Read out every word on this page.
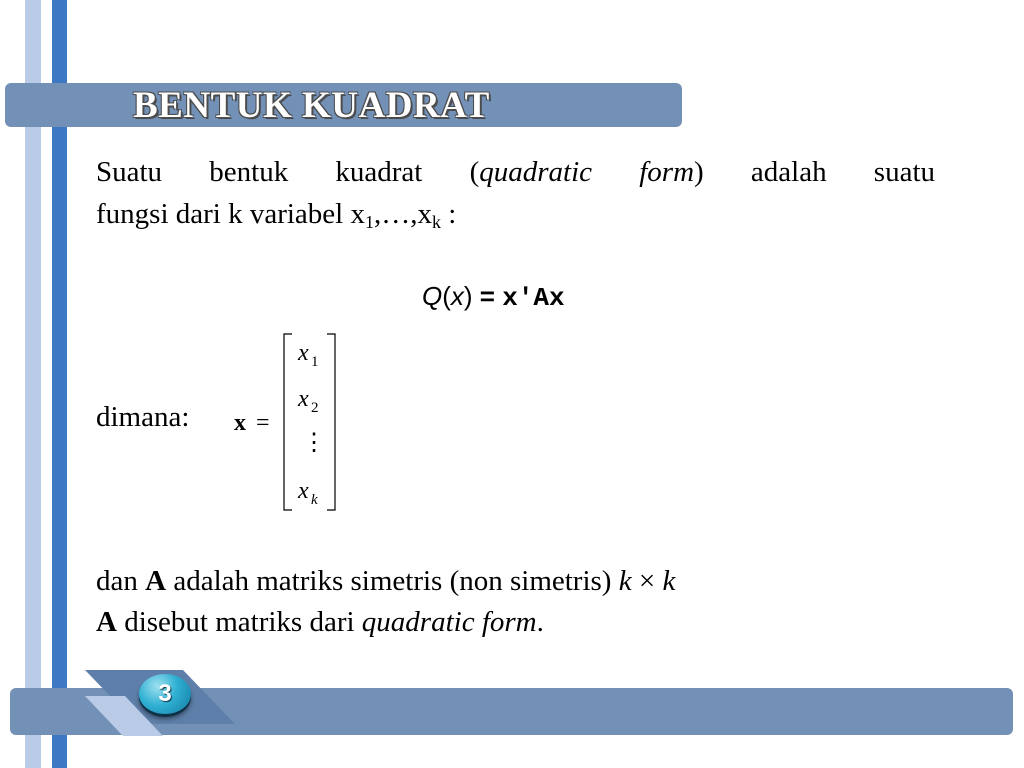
BENTUK KUADRAT
Suatu bentuk kuadrat (quadratic form) adalah suatu
fungsi dari k variabel $x_1,\dots,x_k$ :
Q(x) = x'Ax
dimana: x =
x 1
x 2
⋮
x k
dan A adalah matriks simetris (non simetris) k × k
A disebut matriks dari quadratic form.
3
